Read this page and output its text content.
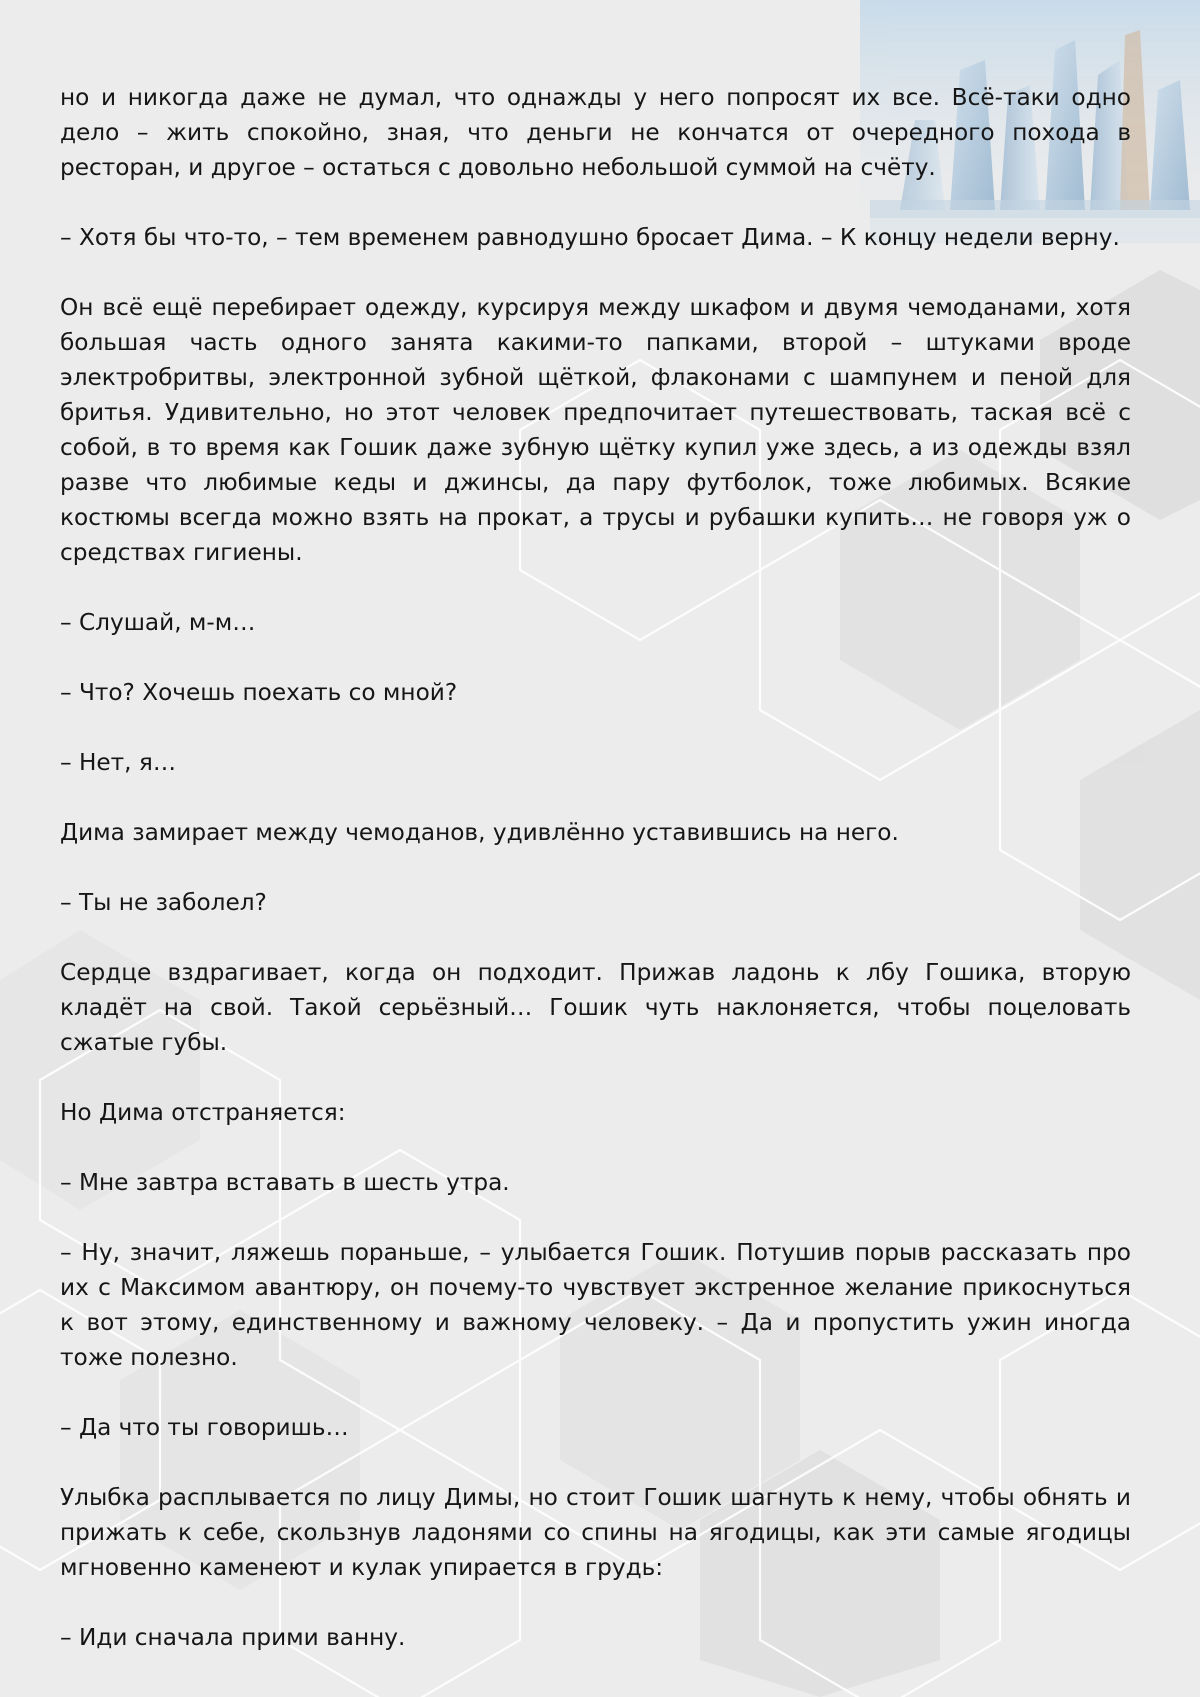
но и никогда даже не думал, что однажды у него попросят их все. Всё-таки одно дело – жить спокойно, зная, что деньги не кончатся от очередного похода в ресторан, и другое – остаться с довольно небольшой суммой на счёту.

– Хотя бы что-то, – тем временем равнодушно бросает Дима. – К концу недели верну.

Он всё ещё перебирает одежду, курсируя между шкафом и двумя чемоданами, хотя большая часть одного занята какими-то папками, второй – штуками вроде электробритвы, электронной зубной щёткой, флаконами с шампунем и пеной для бритья. Удивительно, но этот человек предпочитает путешествовать, таская всё с собой, в то время как Гошик даже зубную щётку купил уже здесь, а из одежды взял разве что любимые кеды и джинсы, да пару футболок, тоже любимых. Всякие костюмы всегда можно взять на прокат, а трусы и рубашки купить… не говоря уж о средствах гигиены.

– Слушай, м-м…

– Что? Хочешь поехать со мной?

– Нет, я…

Дима замирает между чемоданов, удивлённо уставившись на него.

– Ты не заболел?

Сердце вздрагивает, когда он подходит. Прижав ладонь к лбу Гошика, вторую кладёт на свой. Такой серьёзный… Гошик чуть наклоняется, чтобы поцеловать сжатые губы.

Но Дима отстраняется:

– Мне завтра вставать в шесть утра.

– Ну, значит, ляжешь пораньше, – улыбается Гошик. Потушив порыв рассказать про их с Максимом авантюру, он почему-то чувствует экстренное желание прикоснуться к вот этому, единственному и важному человеку. – Да и пропустить ужин иногда тоже полезно.

– Да что ты говоришь…

Улыбка расплывается по лицу Димы, но стоит Гошик шагнуть к нему, чтобы обнять и прижать к себе, скользнув ладонями со спины на ягодицы, как эти самые ягодицы мгновенно каменеют и кулак упирается в грудь:

– Иди сначала прими ванну.
